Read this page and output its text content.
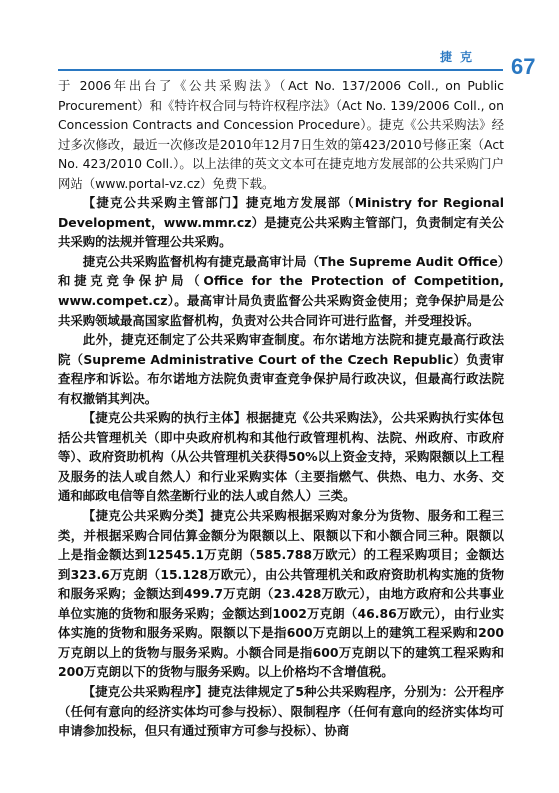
捷克 67

于 2006年出台了《公共采购法》（Act No. 137/2006 Coll., on Public Procurement）和《特许权合同与特许权程序法》（Act No. 139/2006 Coll., on Concession Contracts and Concession Procedure）。捷克《公共采购法》经过多次修改，最近一次修改是2010年12月7日生效的第423/2010号修正案（Act No. 423/2010 Coll.）。以上法律的英文文本可在捷克地方发展部的公共采购门户网站（www.portal-vz.cz）免费下载。

【捷克公共采购主管部门】捷克地方发展部（Ministry for Regional Development，www.mmr.cz）是捷克公共采购主管部门，负责制定有关公共采购的法规并管理公共采购。

捷克公共采购监督机构有捷克最高审计局（The Supreme Audit Office）和捷克竞争保护局（Office for the Protection of Competition, www.compet.cz）。最高审计局负责监督公共采购资金使用；竞争保护局是公共采购领域最高国家监督机构，负责对公共合同许可进行监督，并受理投诉。

此外，捷克还制定了公共采购审查制度。布尔诺地方法院和捷克最高行政法院（Supreme Administrative Court of the Czech Republic）负责审查程序和诉讼。布尔诺地方法院负责审查竞争保护局行政决议，但最高行政法院有权撤销其判决。

【捷克公共采购的执行主体】根据捷克《公共采购法》，公共采购执行实体包括公共管理机关（即中央政府机构和其他行政管理机构、法院、州政府、市政府等）、政府资助机构（从公共管理机关获得50%以上资金支持，采购限额以上工程及服务的法人或自然人）和行业采购实体（主要指燃气、供热、电力、水务、交通和邮政电信等自然垄断行业的法人或自然人）三类。

【捷克公共采购分类】捷克公共采购根据采购对象分为货物、服务和工程三类，并根据采购合同估算金额分为限额以上、限额以下和小额合同三种。限额以上是指金额达到12545.1万克朗（585.788万欧元）的工程采购项目；金额达到323.6万克朗（15.128万欧元），由公共管理机关和政府资助机构实施的货物和服务采购；金额达到499.7万克朗（23.428万欧元），由地方政府和公共事业单位实施的货物和服务采购；金额达到1002万克朗（46.86万欧元），由行业实体实施的货物和服务采购。限额以下是指600万克朗以上的建筑工程采购和200万克朗以上的货物与服务采购。小额合同是指600万克朗以下的建筑工程采购和200万克朗以下的货物与服务采购。以上价格均不含增值税。

【捷克公共采购程序】捷克法律规定了5种公共采购程序，分别为：公开程序（任何有意向的经济实体均可参与投标）、限制程序（任何有意向的经济实体均可申请参加投标，但只有通过预审方可参与投标）、协商
